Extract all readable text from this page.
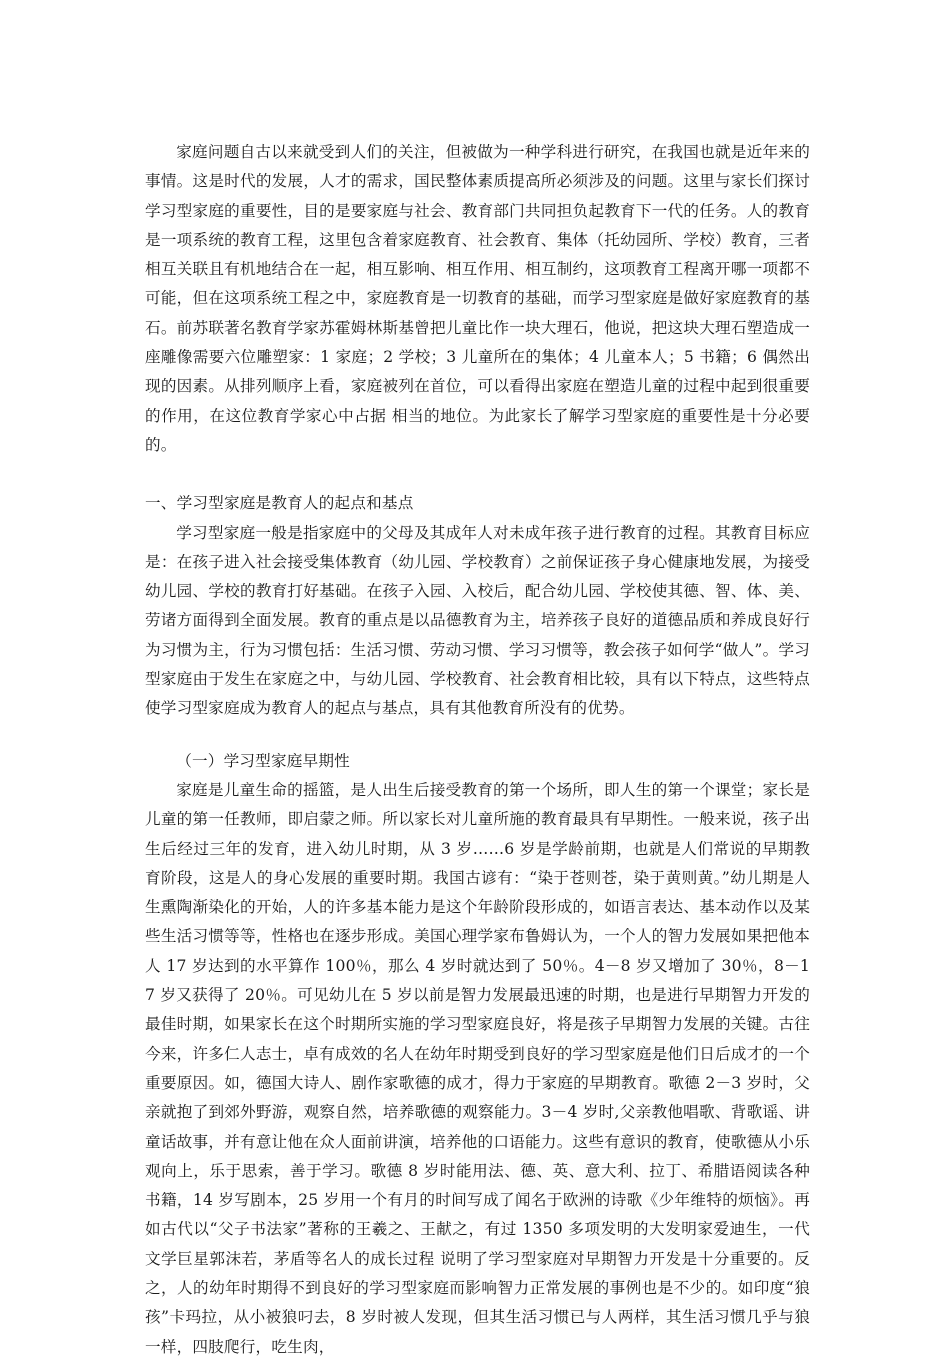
家庭问题自古以来就受到人们的关注，但被做为一种学科进行研究，在我国也就是近年来的事情。这是时代的发展，人才的需求，国民整体素质提高所必须涉及的问题。这里与家长们探讨学习型家庭的重要性，目的是要家庭与社会、教育部门共同担负起教育下一代的任务。人的教育是一项系统的教育工程，这里包含着家庭教育、社会教育、集体（托幼园所、学校）教育，三者相互关联且有机地结合在一起，相互影响、相互作用、相互制约，这项教育工程离开哪一项都不可能，但在这项系统工程之中，家庭教育是一切教育的基础，而学习型家庭是做好家庭教育的基石。前苏联著名教育学家苏霍姆林斯基曾把儿童比作一块大理石，他说，把这块大理石塑造成一座雕像需要六位雕塑家：1 家庭；2 学校；3 儿童所在的集体；4 儿童本人；5 书籍；6 偶然出现的因素。从排列顺序上看，家庭被列在首位，可以看得出家庭在塑造儿童的过程中起到很重要的作用，在这位教育学家心中占据 相当的地位。为此家长了解学习型家庭的重要性是十分必要的。

一、学习型家庭是教育人的起点和基点

学习型家庭一般是指家庭中的父母及其成年人对未成年孩子进行教育的过程。其教育目标应是：在孩子进入社会接受集体教育（幼儿园、学校教育）之前保证孩子身心健康地发展，为接受幼儿园、学校的教育打好基础。在孩子入园、入校后，配合幼儿园、学校使其德、智、体、美、劳诸方面得到全面发展。教育的重点是以品德教育为主，培养孩子良好的道德品质和养成良好行为习惯为主，行为习惯包括：生活习惯、劳动习惯、学习习惯等，教会孩子如何学“做人”。学习型家庭由于发生在家庭之中，与幼儿园、学校教育、社会教育相比较，具有以下特点，这些特点使学习型家庭成为教育人的起点与基点，具有其他教育所没有的优势。

（一）学习型家庭早期性

家庭是儿童生命的摇篮，是人出生后接受教育的第一个场所，即人生的第一个课堂；家长是儿童的第一任教师，即启蒙之师。所以家长对儿童所施的教育最具有早期性。一般来说，孩子出生后经过三年的发育，进入幼儿时期，从 3 岁……6 岁是学龄前期，也就是人们常说的早期教育阶段，这是人的身心发展的重要时期。我国古谚有：“染于苍则苍，染于黄则黄。”幼儿期是人生熏陶渐染化的开始，人的许多基本能力是这个年龄阶段形成的，如语言表达、基本动作以及某些生活习惯等等，性格也在逐步形成。美国心理学家布鲁姆认为，一个人的智力发展如果把他本人 17 岁达到的水平算作 100％，那么 4 岁时就达到了 50％。4－8 岁又增加了 30％，8－17 岁又获得了 20％。可见幼儿在 5 岁以前是智力发展最迅速的时期，也是进行早期智力开发的最佳时期，如果家长在这个时期所实施的学习型家庭良好，将是孩子早期智力发展的关键。古往今来，许多仁人志士，卓有成效的名人在幼年时期受到良好的学习型家庭是他们日后成才的一个重要原因。如，德国大诗人、剧作家歌德的成才，得力于家庭的早期教育。歌德 2－3 岁时，父亲就抱了到郊外野游，观察自然，培养歌德的观察能力。3－4 岁时,父亲教他唱歌、背歌谣、讲童话故事，并有意让他在众人面前讲演，培养他的口语能力。这些有意识的教育，使歌德从小乐观向上，乐于思索，善于学习。歌德 8 岁时能用法、德、英、意大利、拉丁、希腊语阅读各种书籍，14 岁写剧本，25 岁用一个有月的时间写成了闻名于欧洲的诗歌《少年维特的烦恼》。再如古代以“父子书法家”著称的王羲之、王献之，有过 1350 多项发明的大发明家爱迪生，一代文学巨星郭沫若，茅盾等名人的成长过程 说明了学习型家庭对早期智力开发是十分重要的。反之，人的幼年时期得不到良好的学习型家庭而影响智力正常发展的事例也是不少的。如印度“狼孩”卡玛拉，从小被狼叼去，8 岁时被人发现，但其生活习惯已与人两样，其生活习惯几乎与狼一样，四肢爬行，吃生肉，
